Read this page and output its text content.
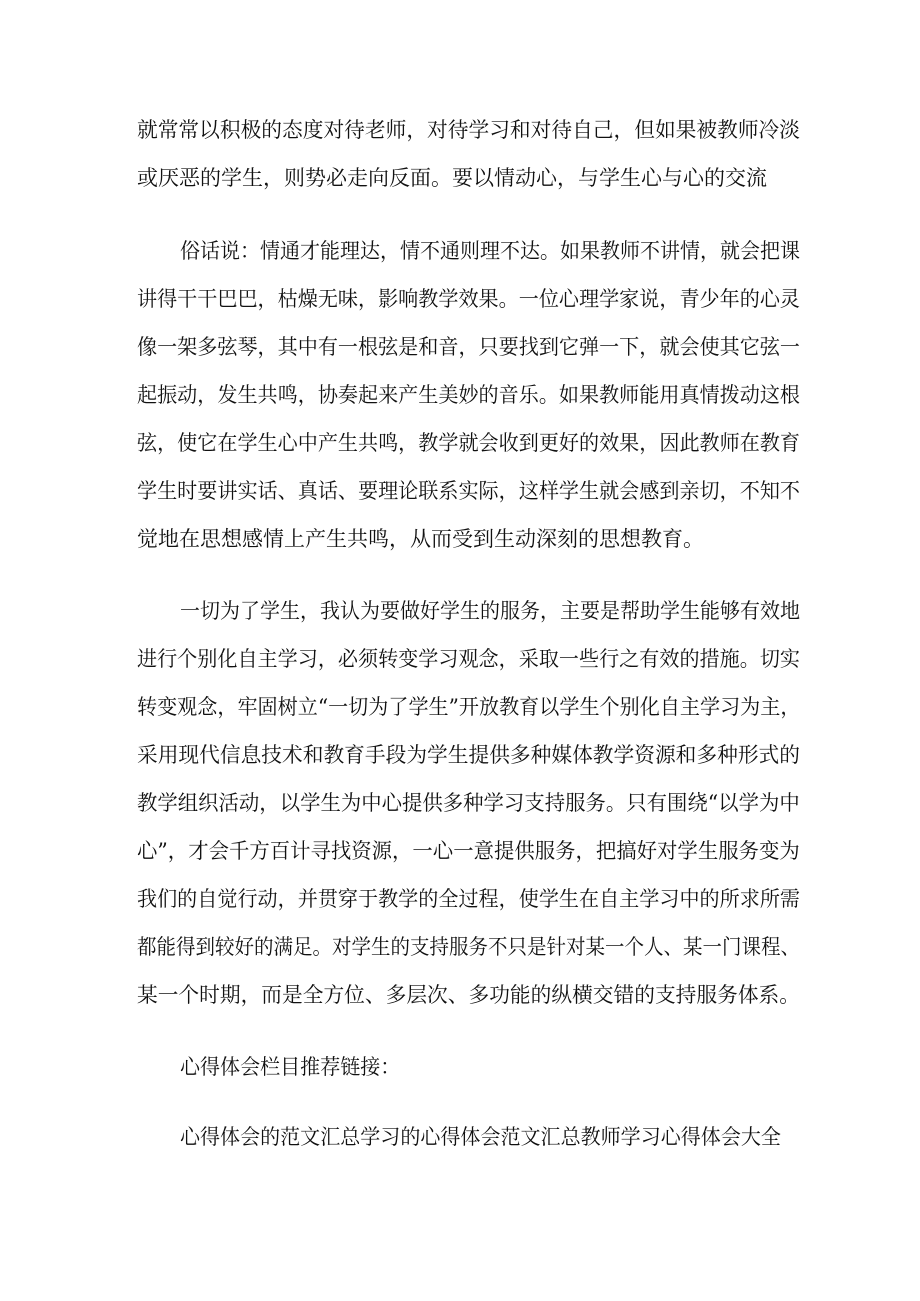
就常常以积极的态度对待老师，对待学习和对待自己，但如果被教师冷淡
或厌恶的学生，则势必走向反面。要以情动心，与学生心与心的交流
俗话说：情通才能理达，情不通则理不达。如果教师不讲情，就会把课
讲得干干巴巴，枯燥无味，影响教学效果。一位心理学家说，青少年的心灵
像一架多弦琴，其中有一根弦是和音，只要找到它弹一下，就会使其它弦一
起振动，发生共鸣，协奏起来产生美妙的音乐。如果教师能用真情拨动这根
弦，使它在学生心中产生共鸣，教学就会收到更好的效果，因此教师在教育
学生时要讲实话、真话、要理论联系实际，这样学生就会感到亲切，不知不
觉地在思想感情上产生共鸣，从而受到生动深刻的思想教育。
一切为了学生，我认为要做好学生的服务，主要是帮助学生能够有效地
进行个别化自主学习，必须转变学习观念，采取一些行之有效的措施。切实
转变观念，牢固树立“一切为了学生”开放教育以学生个别化自主学习为主，
采用现代信息技术和教育手段为学生提供多种媒体教学资源和多种形式的
教学组织活动，以学生为中心提供多种学习支持服务。只有围绕“以学为中
心”，才会千方百计寻找资源，一心一意提供服务，把搞好对学生服务变为
我们的自觉行动，并贯穿于教学的全过程，使学生在自主学习中的所求所需
都能得到较好的满足。对学生的支持服务不只是针对某一个人、某一门课程、
某一个时期，而是全方位、多层次、多功能的纵横交错的支持服务体系。
心得体会栏目推荐链接：
心得体会的范文汇总学习的心得体会范文汇总教师学习心得体会大全
